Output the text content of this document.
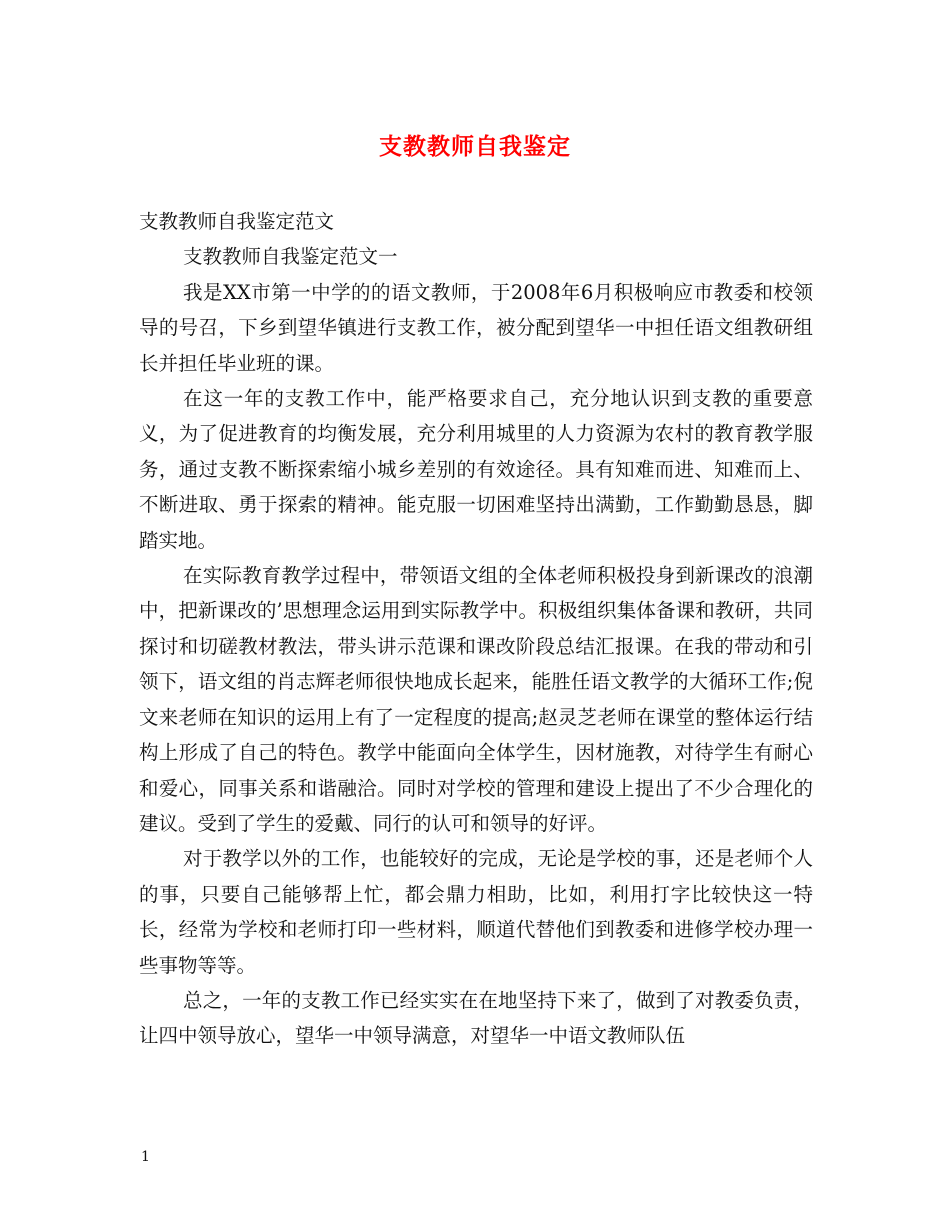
支教教师自我鉴定

支教教师自我鉴定范文

支教教师自我鉴定范文一

我是XX市第一中学的的语文教师，于2008年6月积极响应市教委和校领导的号召，下乡到望华镇进行支教工作，被分配到望华一中担任语文组教研组长并担任毕业班的课。

在这一年的支教工作中，能严格要求自己，充分地认识到支教的重要意义，为了促进教育的均衡发展，充分利用城里的人力资源为农村的教育教学服务，通过支教不断探索缩小城乡差别的有效途径。具有知难而进、知难而上、不断进取、勇于探索的精神。能克服一切困难坚持出满勤，工作勤勤恳恳，脚踏实地。

在实际教育教学过程中，带领语文组的全体老师积极投身到新课改的浪潮中，把新课改的’思想理念运用到实际教学中。积极组织集体备课和教研，共同探讨和切磋教材教法，带头讲示范课和课改阶段总结汇报课。在我的带动和引领下，语文组的肖志辉老师很快地成长起来，能胜任语文教学的大循环工作;倪文来老师在知识的运用上有了一定程度的提高;赵灵芝老师在课堂的整体运行结构上形成了自己的特色。教学中能面向全体学生，因材施教，对待学生有耐心和爱心，同事关系和谐融洽。同时对学校的管理和建设上提出了不少合理化的建议。受到了学生的爱戴、同行的认可和领导的好评。

对于教学以外的工作，也能较好的完成，无论是学校的事，还是老师个人的事，只要自己能够帮上忙，都会鼎力相助，比如，利用打字比较快这一特长，经常为学校和老师打印一些材料，顺道代替他们到教委和进修学校办理一些事物等等。

总之，一年的支教工作已经实实在在地坚持下来了，做到了对教委负责，让四中领导放心，望华一中领导满意，对望华一中语文教师队伍

1
